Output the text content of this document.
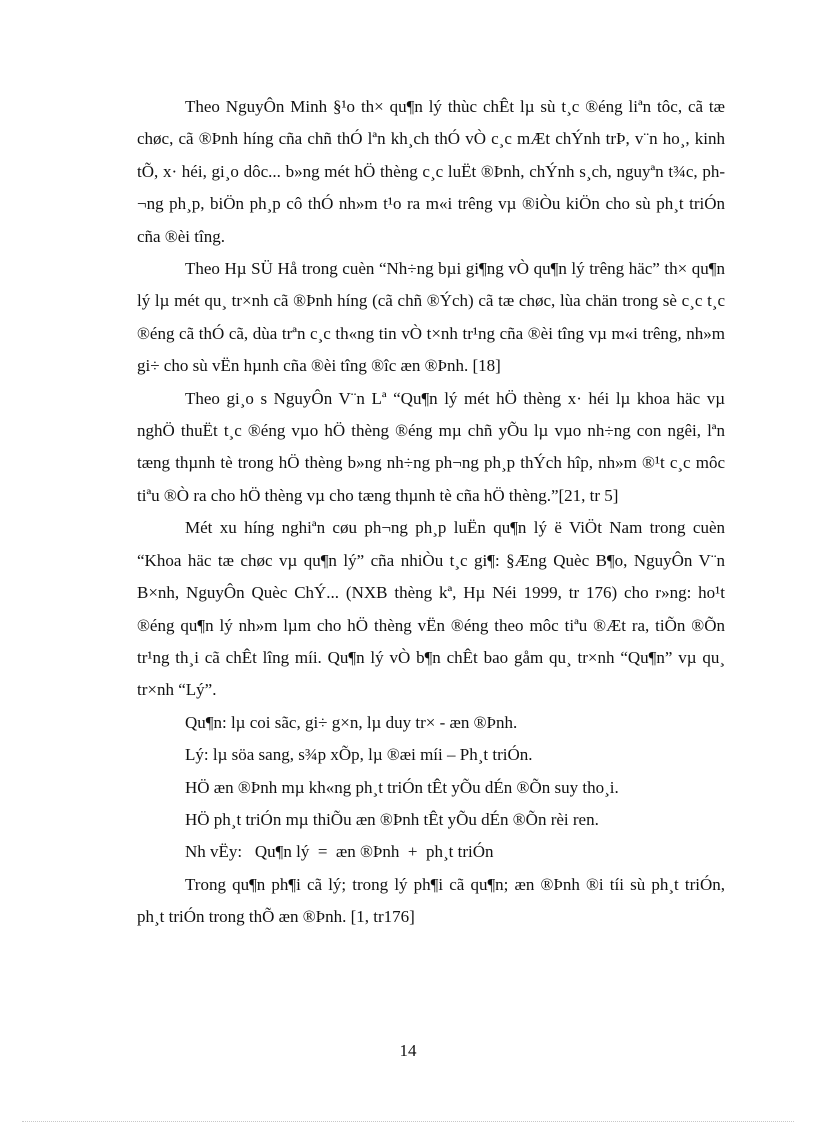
Theo NguyÔn Minh §¹o th× qu¶n lý thùc chÊt lµ sù t¸c ®éng liªn tôc, cã tæ chøc, cã ®Þnh híng cña chñ thÓ lªn kh¸ch thÓ vÒ c¸c mÆt chÝnh trÞ, v¨n ho¸, kinh tÕ, x· héi, gi¸o dôc... b»ng mét hÖ thèng c¸c luËt ®Þnh, chÝnh s¸ch, nguyªn t¾c, ph¬ng ph¸p, biÖn ph¸p cô thÓ nh»m t¹o ra m«i trêng vµ ®iÒu kiÖn cho sù ph¸t triÓn cña ®èi tîng.

Theo Hµ SÜ Hå trong cuèn “Nh÷ng bµi gi¶ng vÒ qu¶n lý trêng häc” th× qu¶n lý lµ mét qu¸ tr×nh cã ®Þnh híng (cã chñ ®Ých) cã tæ chøc, lùa chän trong sè c¸c t¸c ®éng cã thÓ cã, dùa trªn c¸c th«ng tin vÒ t×nh tr¹ng cña ®èi tîng vµ m«i trêng, nh»m gi÷ cho sù vËn hµnh cña ®èi tîng ®îc æn ®Þnh. [18]

Theo gi¸o s NguyÔn V¨n Lª “Qu¶n lý mét hÖ thèng x· héi lµ khoa häc vµ nghÖ thuËt t¸c ®éng vµo hÖ thèng ®éng mµ chñ yÕu lµ vµo nh÷ng con ngêi, lªn tæng thµnh tè trong hÖ thèng b»ng nh÷ng ph¬ng ph¸p thÝch hîp, nh»m ®¹t c¸c môc tiªu ®Ò ra cho hÖ thèng vµ cho tæng thµnh tè cña hÖ thèng.”[21, tr 5]

Mét xu híng nghiªn cøu ph¬ng ph¸p luËn qu¶n lý ë ViÖt Nam trong cuèn “Khoa häc tæ chøc vµ qu¶n lý” cña nhiÒu t¸c gi¶: §Æng Quèc B¶o, NguyÔn V¨n B×nh, NguyÔn Quèc ChÝ... (NXB thèng kª, Hµ Néi 1999, tr 176) cho r»ng: ho¹t ®éng qu¶n lý nh»m lµm cho hÖ thèng vËn ®éng theo môc tiªu ®Æt ra, tiÕn ®Õn tr¹ng th¸i cã chÊt lîng míi. Qu¶n lý vÒ b¶n chÊt bao gåm qu¸ tr×nh “Qu¶n” vµ qu¸ tr×nh “Lý”.

Qu¶n: lµ coi sãc, gi÷ g×n, lµ duy tr× - æn ®Þnh.

Lý: lµ söa sang, s¾p xÕp, lµ ®æi míi – Ph¸t triÓn.

HÖ æn ®Þnh mµ kh«ng ph¸t triÓn tÊt yÕu dÉn ®Õn suy tho¸i.

HÖ ph¸t triÓn mµ thiÕu æn ®Þnh tÊt yÕu dÉn ®Õn rèi ren.

Nh vËy:   Qu¶n lý  =  æn ®Þnh  +  ph¸t triÓn

Trong qu¶n ph¶i cã lý; trong lý ph¶i cã qu¶n; æn ®Þnh ®i tíi sù ph¸t triÓn, ph¸t triÓn trong thÕ æn ®Þnh. [1, tr176]

14
